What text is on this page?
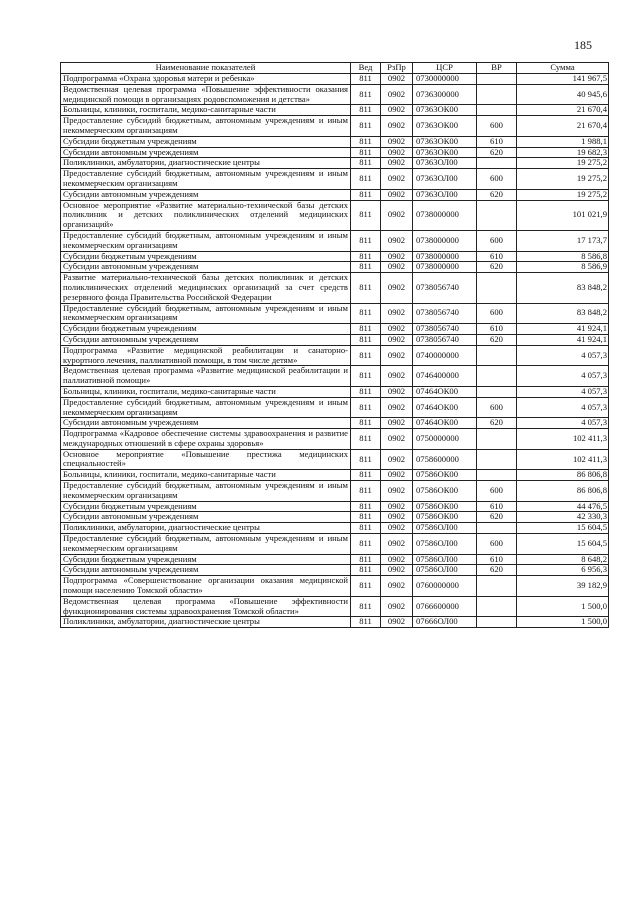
185
Наименование показателей	Вед	РзПр	ЦСР	ВР	Сумма
Подпрограмма «Охрана здоровья матери и ребенка»	811	0902	0730000000		141 967,5
Ведомственная целевая программа «Повышение эффективности оказания медицинской помощи в организациях родовспоможения и детства»	811	0902	0736300000		40 945,6
Больницы, клиники, госпитали, медико-санитарные части	811	0902	07363ОК00		21 670,4
Предоставление субсидий бюджетным, автономным учреждениям и иным некоммерческим организациям	811	0902	07363ОК00	600	21 670,4
Субсидии бюджетным учреждениям	811	0902	07363ОК00	610	1 988,1
Субсидии автономным учреждениям	811	0902	07363ОК00	620	19 682,3
Поликлиники, амбулатории, диагностические центры	811	0902	07363ОЛ00		19 275,2
Предоставление субсидий бюджетным, автономным учреждениям и иным некоммерческим организациям	811	0902	07363ОЛ00	600	19 275,2
Субсидии автономным учреждениям	811	0902	07363ОЛ00	620	19 275,2
Основное мероприятие «Развитие материально-технической базы детских поликлиник и детских поликлинических отделений медицинских организаций»	811	0902	0738000000		101 021,9
Предоставление субсидий бюджетным, автономным учреждениям и иным некоммерческим организациям	811	0902	0738000000	600	17 173,7
Субсидии бюджетным учреждениям	811	0902	0738000000	610	8 586,8
Субсидии автономным учреждениям	811	0902	0738000000	620	8 586,9
Развитие материально-технической базы детских поликлиник и детских поликлинических отделений медицинских организаций за счет средств резервного фонда Правительства Российской Федерации	811	0902	0738056740		83 848,2
Предоставление субсидий бюджетным, автономным учреждениям и иным некоммерческим организациям	811	0902	0738056740	600	83 848,2
Субсидии бюджетным учреждениям	811	0902	0738056740	610	41 924,1
Субсидии автономным учреждениям	811	0902	0738056740	620	41 924,1
Подпрограмма «Развитие медицинской реабилитации и санаторно-курортного лечения, паллиативной помощи, в том числе детям»	811	0902	0740000000		4 057,3
Ведомственная целевая программа «Развитие медицинской реабилитации и паллиативной помощи»	811	0902	0746400000		4 057,3
Больницы, клиники, госпитали, медико-санитарные части	811	0902	07464ОК00		4 057,3
Предоставление субсидий бюджетным, автономным учреждениям и иным некоммерческим организациям	811	0902	07464ОК00	600	4 057,3
Субсидии автономным учреждениям	811	0902	07464ОК00	620	4 057,3
Подпрограмма «Кадровое обеспечение системы здравоохранения и развитие международных отношений в сфере охраны здоровья»	811	0902	0750000000		102 411,3
Основное мероприятие «Повышение престижа медицинских специальностей»	811	0902	0758600000		102 411,3
Больницы, клиники, госпитали, медико-санитарные части	811	0902	07586ОК00		86 806,8
Предоставление субсидий бюджетным, автономным учреждениям и иным некоммерческим организациям	811	0902	07586ОК00	600	86 806,8
Субсидии бюджетным учреждениям	811	0902	07586ОК00	610	44 476,5
Субсидии автономным учреждениям	811	0902	07586ОК00	620	42 330,3
Поликлиники, амбулатории, диагностические центры	811	0902	07586ОЛ00		15 604,5
Предоставление субсидий бюджетным, автономным учреждениям и иным некоммерческим организациям	811	0902	07586ОЛ00	600	15 604,5
Субсидии бюджетным учреждениям	811	0902	07586ОЛ00	610	8 648,2
Субсидии автономным учреждениям	811	0902	07586ОЛ00	620	6 956,3
Подпрограмма «Совершенствование организации оказания медицинской помощи населению Томской области»	811	0902	0760000000		39 182,9
Ведомственная целевая программа «Повышение эффективности функционирования системы здравоохранения Томской области»	811	0902	0766600000		1 500,0
Поликлиники, амбулатории, диагностические центры	811	0902	07666ОЛ00		1 500,0
